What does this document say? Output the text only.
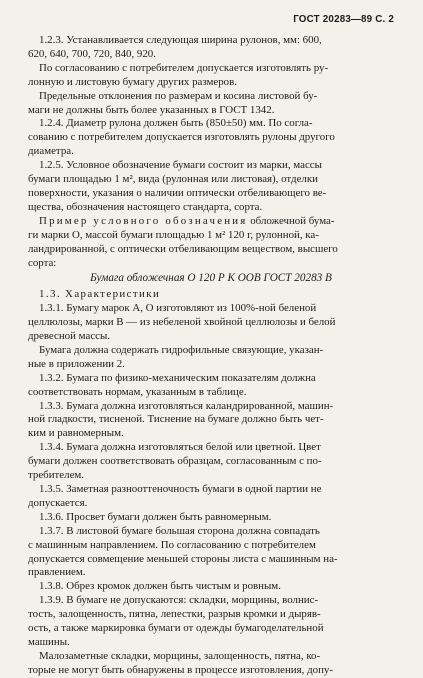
ГОСТ 20283—89 С. 2

1.2.3. Устанавливается следующая ширина рулонов, мм: 600,
620, 640, 700, 720, 840, 920.

По согласованию с потребителем допускается изготовлять ру-
лонную и листовую бумагу других размеров.

Предельные отклонения по размерам и косина листовой бу-
маги не должны быть более указанных в ГОСТ 1342.

1.2.4. Диаметр рулона должен быть (850±50) мм. По согла-
сованию с потребителем допускается изготовлять рулоны другого
диаметра.

1.2.5. Условное обозначение бумаги состоит из марки, массы
бумаги площадью 1 м², вида (рулонная или листовая), отделки
поверхности, указания о наличии оптически отбеливающего ве-
щества, обозначения настоящего стандарта, сорта.

Пример условного обозначения обложечной бума-
ги марки О, массой бумаги площадью 1 м² 120 г, рулонной, ка-
ландрированной, с оптически отбеливающим веществом, высшего
сорта:

Бумага обложечная О 120 Р К ООВ ГОСТ 20283 В

1.3. Характеристики

1.3.1. Бумагу марок А, О изготовляют из 100%-ной беленой
целлюлозы, марки В — из небеленой хвойной целлюлозы и белой
древесной массы.

Бумага должна содержать гидрофильные связующие, указан-
ные в приложении 2.

1.3.2. Бумага по физико-механическим показателям должна
соответствовать нормам, указанным в таблице.

1.3.3. Бумага должна изготовляться каландрированной, машин-
ной гладкости, тисненой. Тиснение на бумаге должно быть чет-
ким и равномерным.

1.3.4. Бумага должна изготовляться белой или цветной. Цвет
бумаги должен соответствовать образцам, согласованным с по-
требителем.

1.3.5. Заметная разнооттеночность бумаги в одной партии не
допускается.

1.3.6. Просвет бумаги должен быть равномерным.

1.3.7. В листовой бумаге большая сторона должна совпадать
с машинным направлением. По согласованию с потребителем
допускается совмещение меньшей стороны листа с машинным на-
правлением.

1.3.8. Обрез кромок должен быть чистым и ровным.

1.3.9. В бумаге не допускаются: складки, морщины, волнис-
тость, залощенность, пятна, лепестки, разрыв кромки и дыряв-
ость, а также маркировка бумаги от одежды бумагоделательной
машины.

Малозаметные складки, морщины, залощенность, пятна, ко-
торые не могут быть обнаружены в процессе изготовления, допу-
